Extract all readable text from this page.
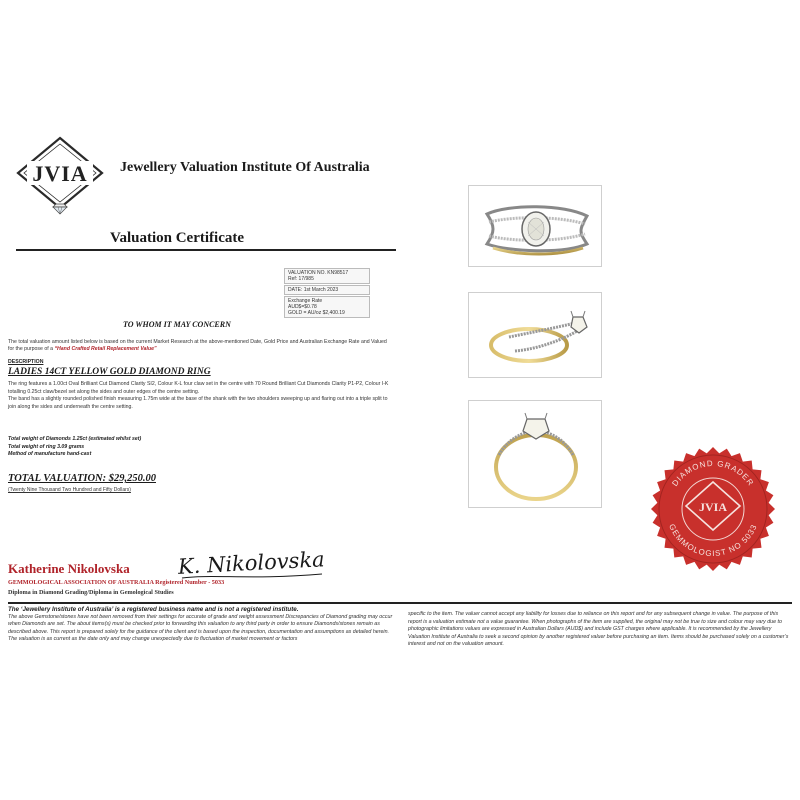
JVIA Jewellery Valuation Institute Of Australia
Valuation Certificate
VALUATION NO. KN98517
Ref: 17/985
DATE: 1st March 2023
Exchange Rate
AUD$=$0.78
GOLD = AU/oz $2,400.19
TO WHOM IT MAY CONCERN
The total valuation amount listed below is based on the current Market Research at the above-mentioned Date, Gold Price and Australian Exchange Rate and Valued for the purpose of a “Hand Crafted Retail Replacement Value”
DESCRIPTION
LADIES 14CT YELLOW GOLD DIAMOND RING

The ring features a 1.00ct Oval Brilliant Cut Diamond Clarity SI2, Colour K-L four claw set in the centre with 70 Round Brilliant Cut Diamonds Clarity P1-P2, Colour I-K totalling 0.25ct claw/bezel set along the sides and outer edges of the centre setting.

The band has a slightly rounded polished finish measuring 1.75m wide at the base of the shank with the two shoulders sweeping up and flaring out into a triple split to join along the sides and underneath the centre setting.

Total weight of Diamonds 1.25ct (estimated whilst set)
Total weight of ring 3.09 grams
Method of manufacture hand-cast
TOTAL VALUATION: $29,250.00
(Twenty Nine Thousand Two Hundred and Fifty Dollars)
Katherine Nikolovska K. Nikolovska
GEMMOLOGICAL ASSOCIATION OF AUSTRALIA Registered Number - 5033
Diploma in Diamond Grading/Diploma in Gemological Studies
The ‘Jewellery Institute of Australia’ is a registered business name and is not a registered institute.
The above Gemstone/stones have not been removed from their settings for accurate of grade and weight assessment Discrepancies of Diamond grading may occur when Diamonds are set. The about items(s) must be checked prior to forwarding this valuation to any third party in order to ensure Diamonds/stones remain as described above. This report is prepared solely for the guidance of the client and is based upon the inspection, documentation and assumptions as detailed herein. The valuation is as current as the date only and may change unexpectedly due to fluctuation of market movement or factors
specific to the item. The valuer cannot accept any liability for losses due to reliance on this report and for any subsequent change in value. The purpose of this report is a valuation estimate not a value guarantee. When photographs of the item are supplied, the original may not be true to size and colour may vary due to photographic limitations values are expressed in Australian Dollars (AUD$) and include GST charges where applicable. It is recommended by the Jewellery Valuation Institute of Australia to seek a second opinion by another registered valuer before purchasing an item. Items should be purchased solely on a customer’s interest and not on the valuation amount.
DIAMOND GRADER
GEMMOLOGIST NO 5033
JVIA
